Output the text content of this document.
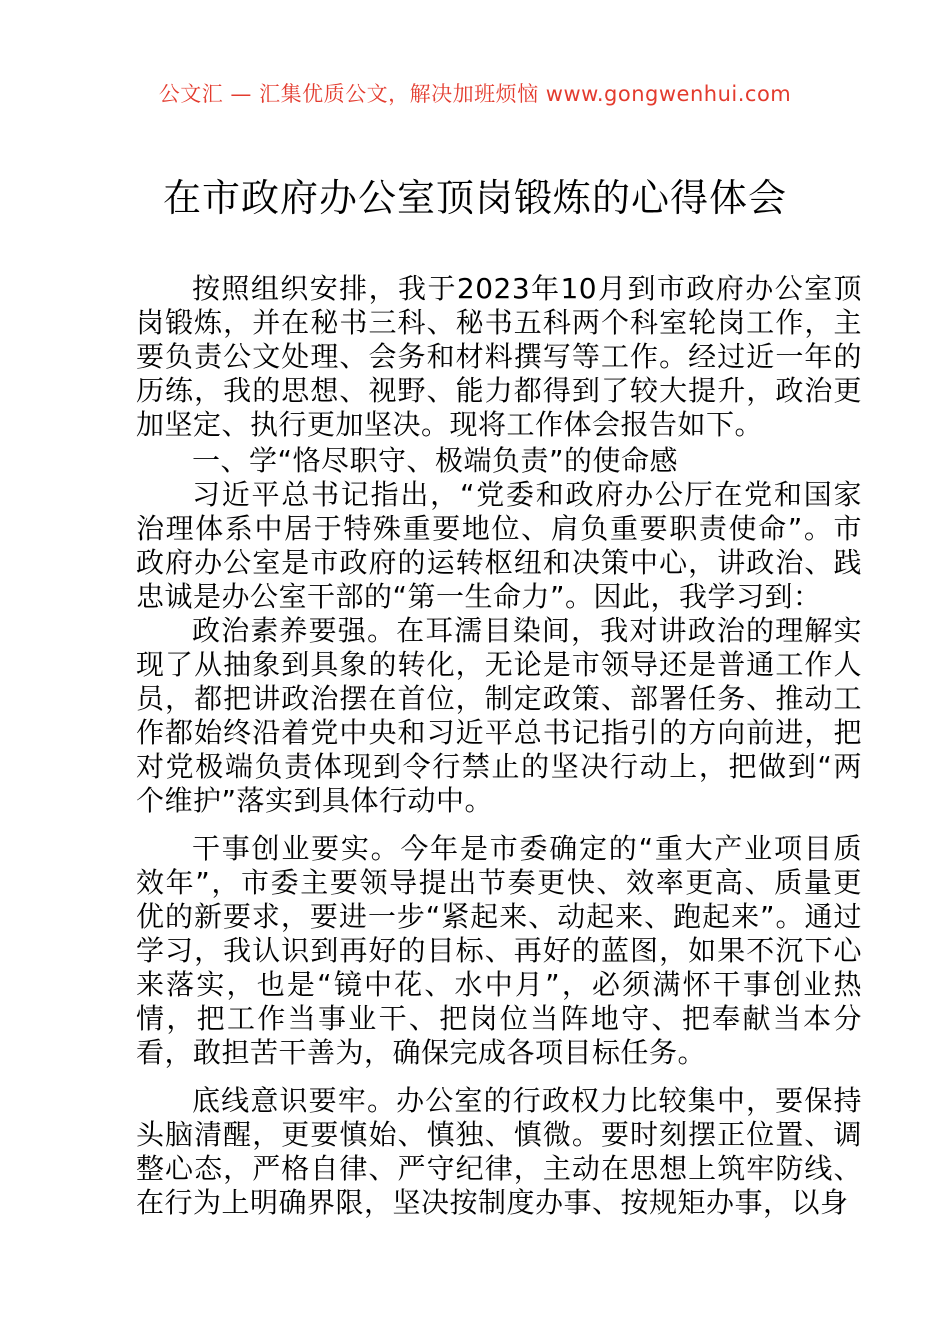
公文汇 — 汇集优质公文，解决加班烦恼 www.gongwenhui.com
在市政府办公室顶岗锻炼的心得体会

按照组织安排，我于2023年10月到市政府办公室顶岗锻炼，并在秘书三科、秘书五科两个科室轮岗工作，主要负责公文处理、会务和材料撰写等工作。经过近一年的历练，我的思想、视野、能力都得到了较大提升，政治更加坚定、执行更加坚决。现将工作体会报告如下。

一、学“恪尽职守、极端负责”的使命感

习近平总书记指出，“党委和政府办公厅在党和国家治理体系中居于特殊重要地位、肩负重要职责使命”。市政府办公室是市政府的运转枢纽和决策中心，讲政治、践忠诚是办公室干部的“第一生命力”。因此，我学习到：

政治素养要强。在耳濡目染间，我对讲政治的理解实现了从抽象到具象的转化，无论是市领导还是普通工作人员，都把讲政治摆在首位，制定政策、部署任务、推动工作都始终沿着党中央和习近平总书记指引的方向前进，把对党极端负责体现到令行禁止的坚决行动上，把做到“两个维护”落实到具体行动中。

干事创业要实。今年是市委确定的“重大产业项目质效年”，市委主要领导提出节奏更快、效率更高、质量更优的新要求，要进一步“紧起来、动起来、跑起来”。通过学习，我认识到再好的目标、再好的蓝图，如果不沉下心来落实，也是“镜中花、水中月”，必须满怀干事创业热情，把工作当事业干、把岗位当阵地守、把奉献当本分看，敢担苦干善为，确保完成各项目标任务。

底线意识要牢。办公室的行政权力比较集中，要保持头脑清醒，更要慎始、慎独、慎微。要时刻摆正位置、调整心态，严格自律、严守纪律，主动在思想上筑牢防线、在行为上明确界限，坚决按制度办事、按规矩办事，以身
